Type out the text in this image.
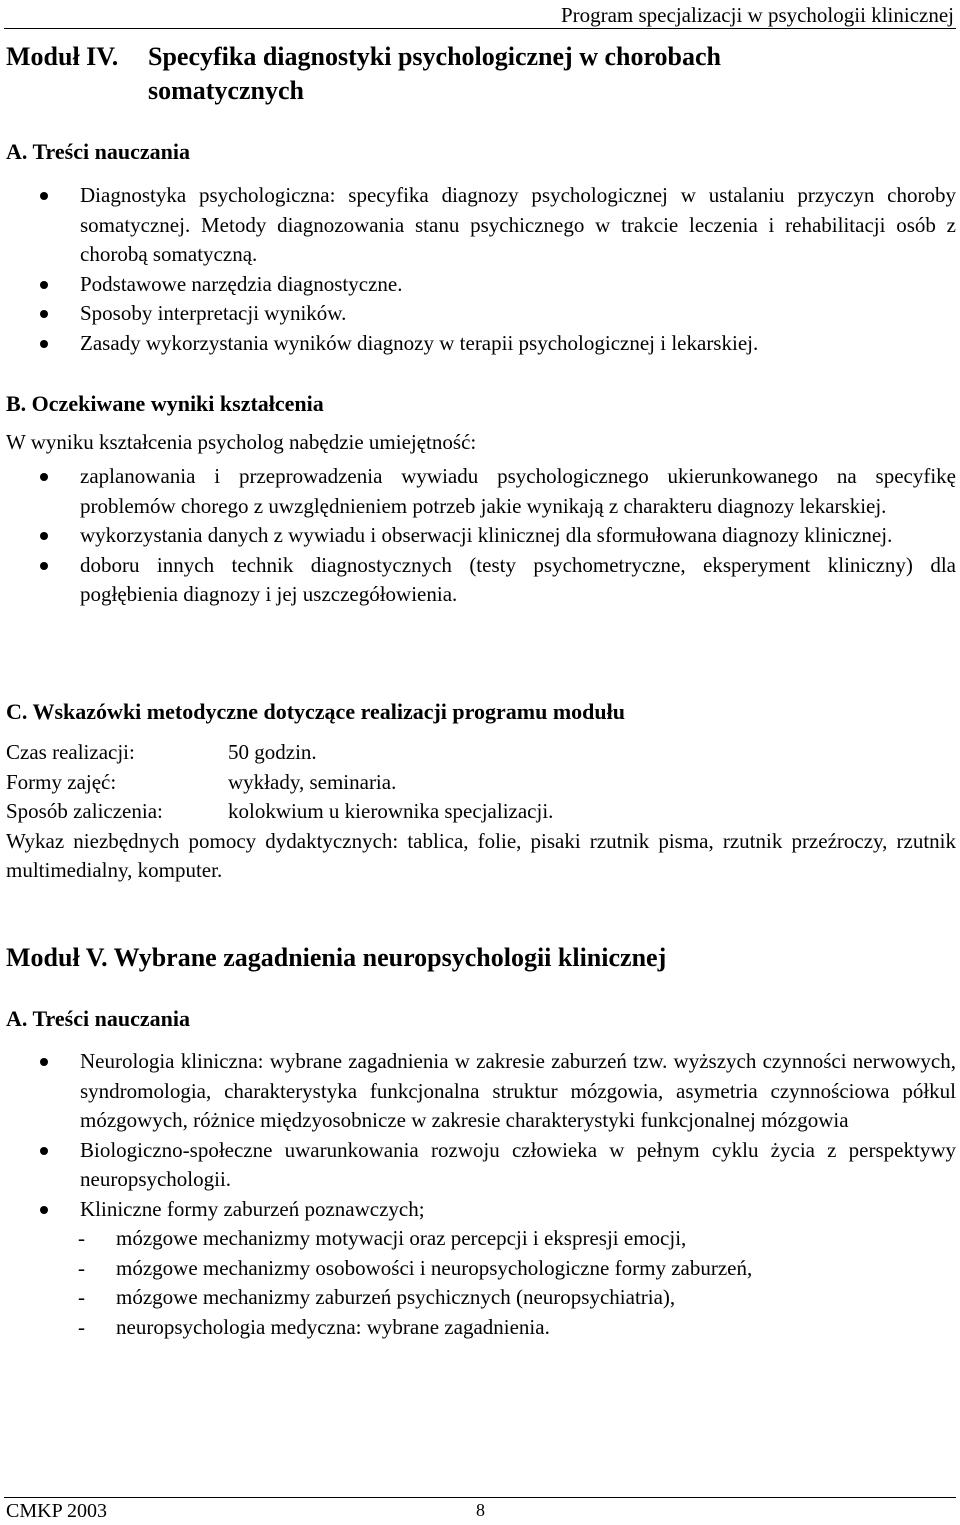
Program specjalizacji w psychologii klinicznej
Moduł IV. Specyfika diagnostyki psychologicznej w chorobach
somatycznych
A. Treści nauczania
Diagnostyka psychologiczna: specyfika diagnozy psychologicznej w ustalaniu przyczyn choroby somatycznej. Metody diagnozowania stanu psychicznego w trakcie leczenia i rehabilitacji osób z chorobą somatyczną.
Podstawowe narzędzia diagnostyczne.
Sposoby interpretacji wyników.
Zasady wykorzystania wyników diagnozy w terapii psychologicznej i lekarskiej.
B. Oczekiwane wyniki kształcenia
W wyniku kształcenia psycholog nabędzie umiejętność:
zaplanowania i przeprowadzenia wywiadu psychologicznego ukierunkowanego na specyfikę problemów chorego z uwzględnieniem potrzeb jakie wynikają z charakteru diagnozy lekarskiej.
wykorzystania danych z wywiadu i obserwacji klinicznej dla sformułowana diagnozy klinicznej.
doboru innych technik diagnostycznych (testy psychometryczne, eksperyment kliniczny) dla pogłębienia diagnozy i jej uszczegółowienia.
C. Wskazówki metodyczne dotyczące realizacji programu modułu
Czas realizacji:	50 godzin.
Formy zajęć:	wykłady, seminaria.
Sposób zaliczenia:	kolokwium u kierownika specjalizacji.
Wykaz niezbędnych pomocy dydaktycznych: tablica, folie, pisaki rzutnik pisma, rzutnik przeźroczy, rzutnik multimedialny, komputer.
Moduł V. Wybrane zagadnienia neuropsychologii klinicznej
A. Treści nauczania
Neurologia kliniczna: wybrane zagadnienia w zakresie zaburzeń tzw. wyższych czynności nerwowych, syndromologia, charakterystyka funkcjonalna struktur mózgowia, asymetria czynnościowa półkul mózgowych, różnice międzyosobnicze w zakresie charakterystyki funkcjonalnej mózgowia
Biologiczno-społeczne uwarunkowania rozwoju człowieka w pełnym cyklu życia z perspektywy neuropsychologii.
Kliniczne formy zaburzeń poznawczych;
- mózgowe mechanizmy motywacji oraz percepcji i ekspresji emocji,
- mózgowe mechanizmy osobowości i neuropsychologiczne formy zaburzeń,
- mózgowe mechanizmy zaburzeń psychicznych (neuropsychiatria),
- neuropsychologia medyczna: wybrane zagadnienia.
CMKP 2003	8
